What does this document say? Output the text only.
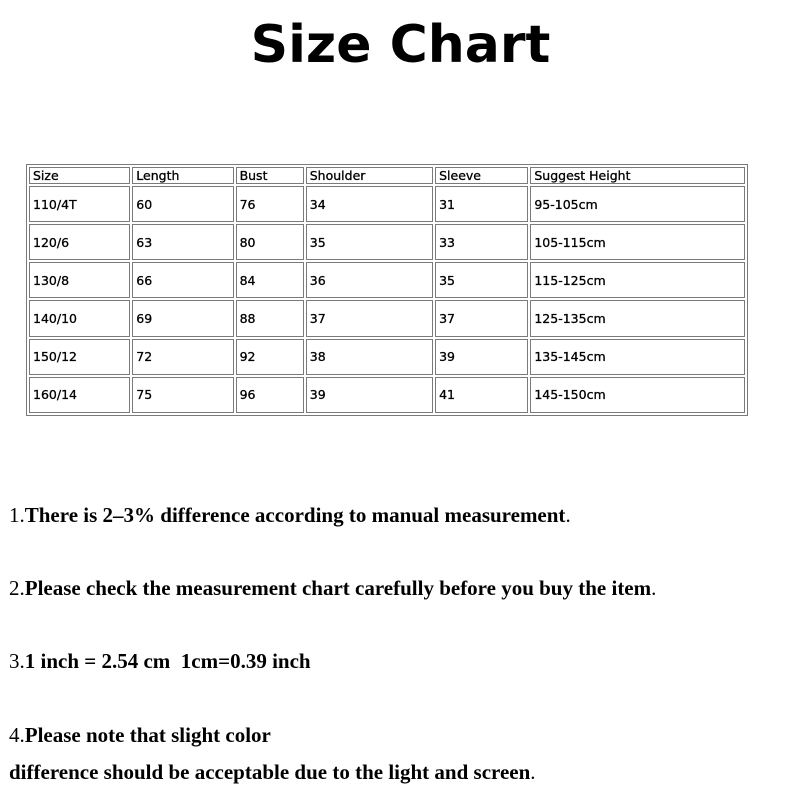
Size Chart
Size	Length	Bust	Shoulder	Sleeve	Suggest Height
110/4T	60	76	34	31	95-105cm
120/6	63	80	35	33	105-115cm
130/8	66	84	36	35	115-125cm
140/10	69	88	37	37	125-135cm
150/12	72	92	38	39	135-145cm
160/14	75	96	39	41	145-150cm

1.There is 2–3% difference according to manual measurement.

2.Please check the measurement chart carefully before you buy the item.

3.1 inch = 2.54 cm  1cm=0.39 inch

4.Please note that slight color

difference should be acceptable due to the light and screen.
